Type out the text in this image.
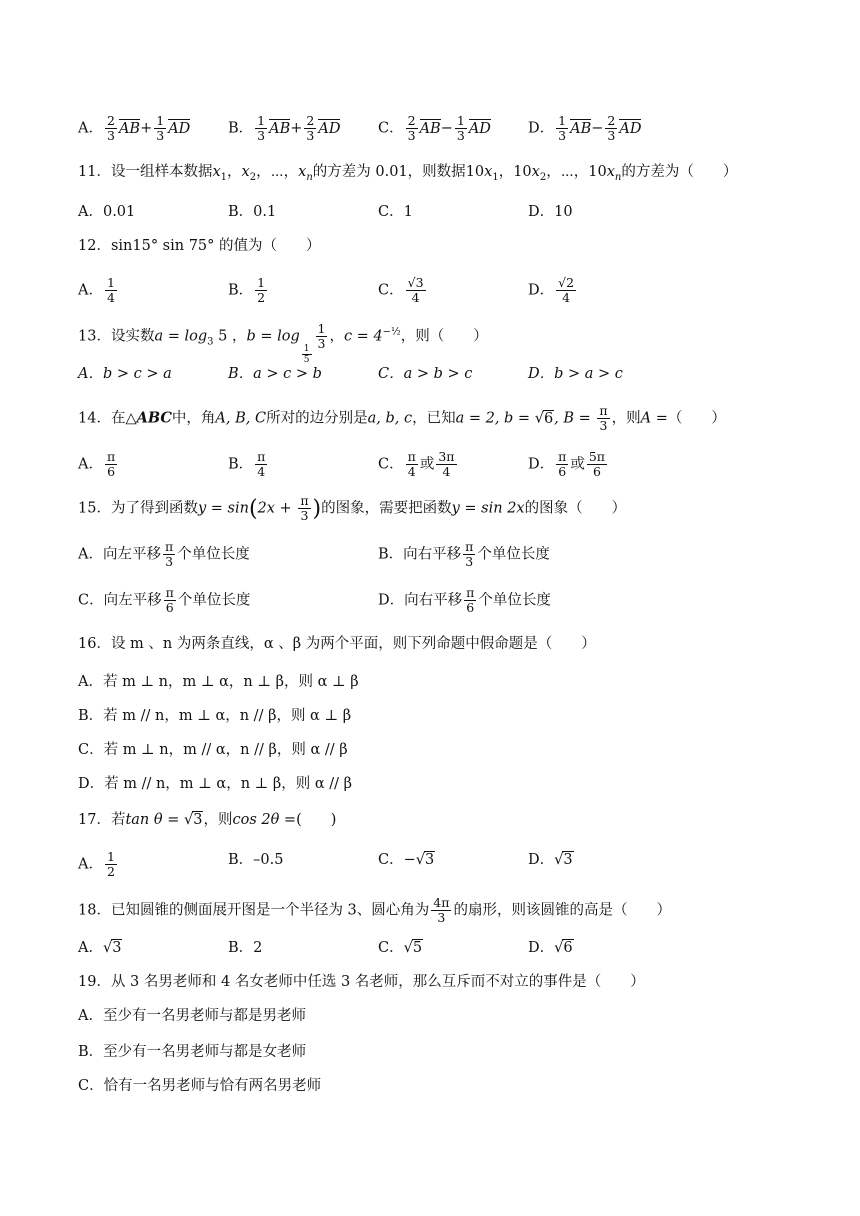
A． $\frac{2}{3} AB+ \frac{1}{3}$ AD	B． $\frac{1}{3} AB+ \frac{2}{3}$ AD	C． $\frac{2}{3} AB- \frac{1}{3}$ AD	D． $\frac{1}{3} AB- \frac{2}{3}$ AD
11．设一组样本数据$x_1$，$x_2$，⋯，$x_n$的方差为 0.01，则数据$10x_1$，$10x_2$，⋯，$10x_n$的方差为（　　）
A．0.01	B．0.1	C．1	D．10
12．sin15° sin 75° 的值为（　　）
A． $\frac{1}{4}$	B． $\frac{1}{2}$	C． $\frac{√3}{4}$	D． $\frac{√2}{4}$
13．设实数$a = \log_3 5$ ，b = log
$\frac{1}{5}$
$\frac{1}{3}$ ，$c = 4^{-\frac{1}{2}}$，则（　　）
A．b > c > a	B．a > c > b	C．a > b > c	D．b > a > c
14．在△ABC中，角A, B, C所对的边分别是a, b, c，已知a = 2, b = √6, $B = \frac{\pi}{3}$ ，则A =（　　）
A． $\frac{\pi}{6}$	B． $\frac{\pi}{4}$	C． $\frac{\pi}{4}$ 或 $\frac{3\pi}{4}$	D． $\frac{\pi}{6}$ 或 $\frac{5\pi}{6}$
15．为了得到函数$y = \sin(2x + \frac{\pi}{3}$ )的图象，需要把函数y = sin 2x的图象（　　）
A．向左平移 $\frac{\pi}{3}$ 个单位长度	B．向右平移 $\frac{\pi}{3}$ 个单位长度
C．向左平移 $\frac{\pi}{6}$ 个单位长度	D．向右平移 $\frac{\pi}{6}$ 个单位长度
16．设 m 、n 为两条直线，α 、β 为两个平面，则下列命题中假命题是（　　）
A．若 m ⊥ n，m ⊥ α，n ⊥ β，则 α ⊥ β
B．若 m // n，m ⊥ α，n // β，则 α ⊥ β
C．若 m ⊥ n，m // α，n // β，则 α // β
D．若 m // n，m ⊥ α，n ⊥ β，则 α // β
17．若tan θ = √3，则cos 2θ =(　　)
A． $\frac{1}{2}$	B．–0.5	C．−√3	D．√3
18．已知圆锥的侧面展开图是一个半径为 3、圆心角为 $\frac{4\pi}{3}$ 的扇形，则该圆锥的高是（　　）
A．√3	B．2	C．√5	D．√6
19．从 3 名男老师和 4 名女老师中任选 3 名老师，那么互斥而不对立的事件是（　　）
A．至少有一名男老师与都是男老师
B．至少有一名男老师与都是女老师
C．恰有一名男老师与恰有两名男老师
